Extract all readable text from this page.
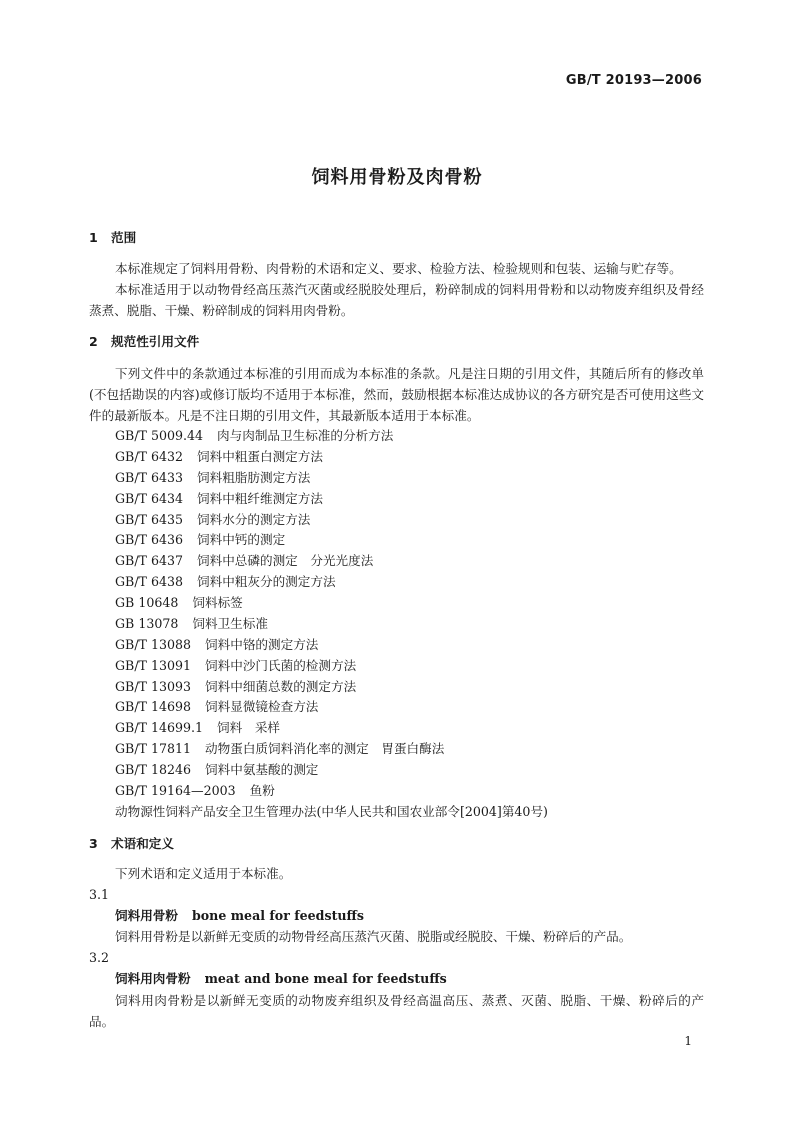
GB/T 20193—2006
饲料用骨粉及肉骨粉
1 范围
本标准规定了饲料用骨粉、肉骨粉的术语和定义、要求、检验方法、检验规则和包装、运输与贮存等。
本标准适用于以动物骨经高压蒸汽灭菌或经脱胶处理后，粉碎制成的饲料用骨粉和以动物废弃组织及骨经蒸煮、脱脂、干燥、粉碎制成的饲料用肉骨粉。
2 规范性引用文件
下列文件中的条款通过本标准的引用而成为本标准的条款。凡是注日期的引用文件，其随后所有的修改单(不包括勘误的内容)或修订版均不适用于本标准，然而，鼓励根据本标准达成协议的各方研究是否可使用这些文件的最新版本。凡是不注日期的引用文件，其最新版本适用于本标准。
GB/T 5009.44 肉与肉制品卫生标准的分析方法
GB/T 6432 饲料中粗蛋白测定方法
GB/T 6433 饲料粗脂肪测定方法
GB/T 6434 饲料中粗纤维测定方法
GB/T 6435 饲料水分的测定方法
GB/T 6436 饲料中钙的测定
GB/T 6437 饲料中总磷的测定　分光光度法
GB/T 6438 饲料中粗灰分的测定方法
GB 10648 饲料标签
GB 13078 饲料卫生标准
GB/T 13088 饲料中铬的测定方法
GB/T 13091 饲料中沙门氏菌的检测方法
GB/T 13093 饲料中细菌总数的测定方法
GB/T 14698 饲料显微镜检查方法
GB/T 14699.1 饲料　采样
GB/T 17811 动物蛋白质饲料消化率的测定　胃蛋白酶法
GB/T 18246 饲料中氨基酸的测定
GB/T 19164—2003 鱼粉
动物源性饲料产品安全卫生管理办法(中华人民共和国农业部令[2004]第40号)
3 术语和定义
下列术语和定义适用于本标准。
3.1
饲料用骨粉 bone meal for feedstuffs
饲料用骨粉是以新鲜无变质的动物骨经高压蒸汽灭菌、脱脂或经脱胶、干燥、粉碎后的产品。
3.2
饲料用肉骨粉 meat and bone meal for feedstuffs
饲料用肉骨粉是以新鲜无变质的动物废弃组织及骨经高温高压、蒸煮、灭菌、脱脂、干燥、粉碎后的产品。
1
